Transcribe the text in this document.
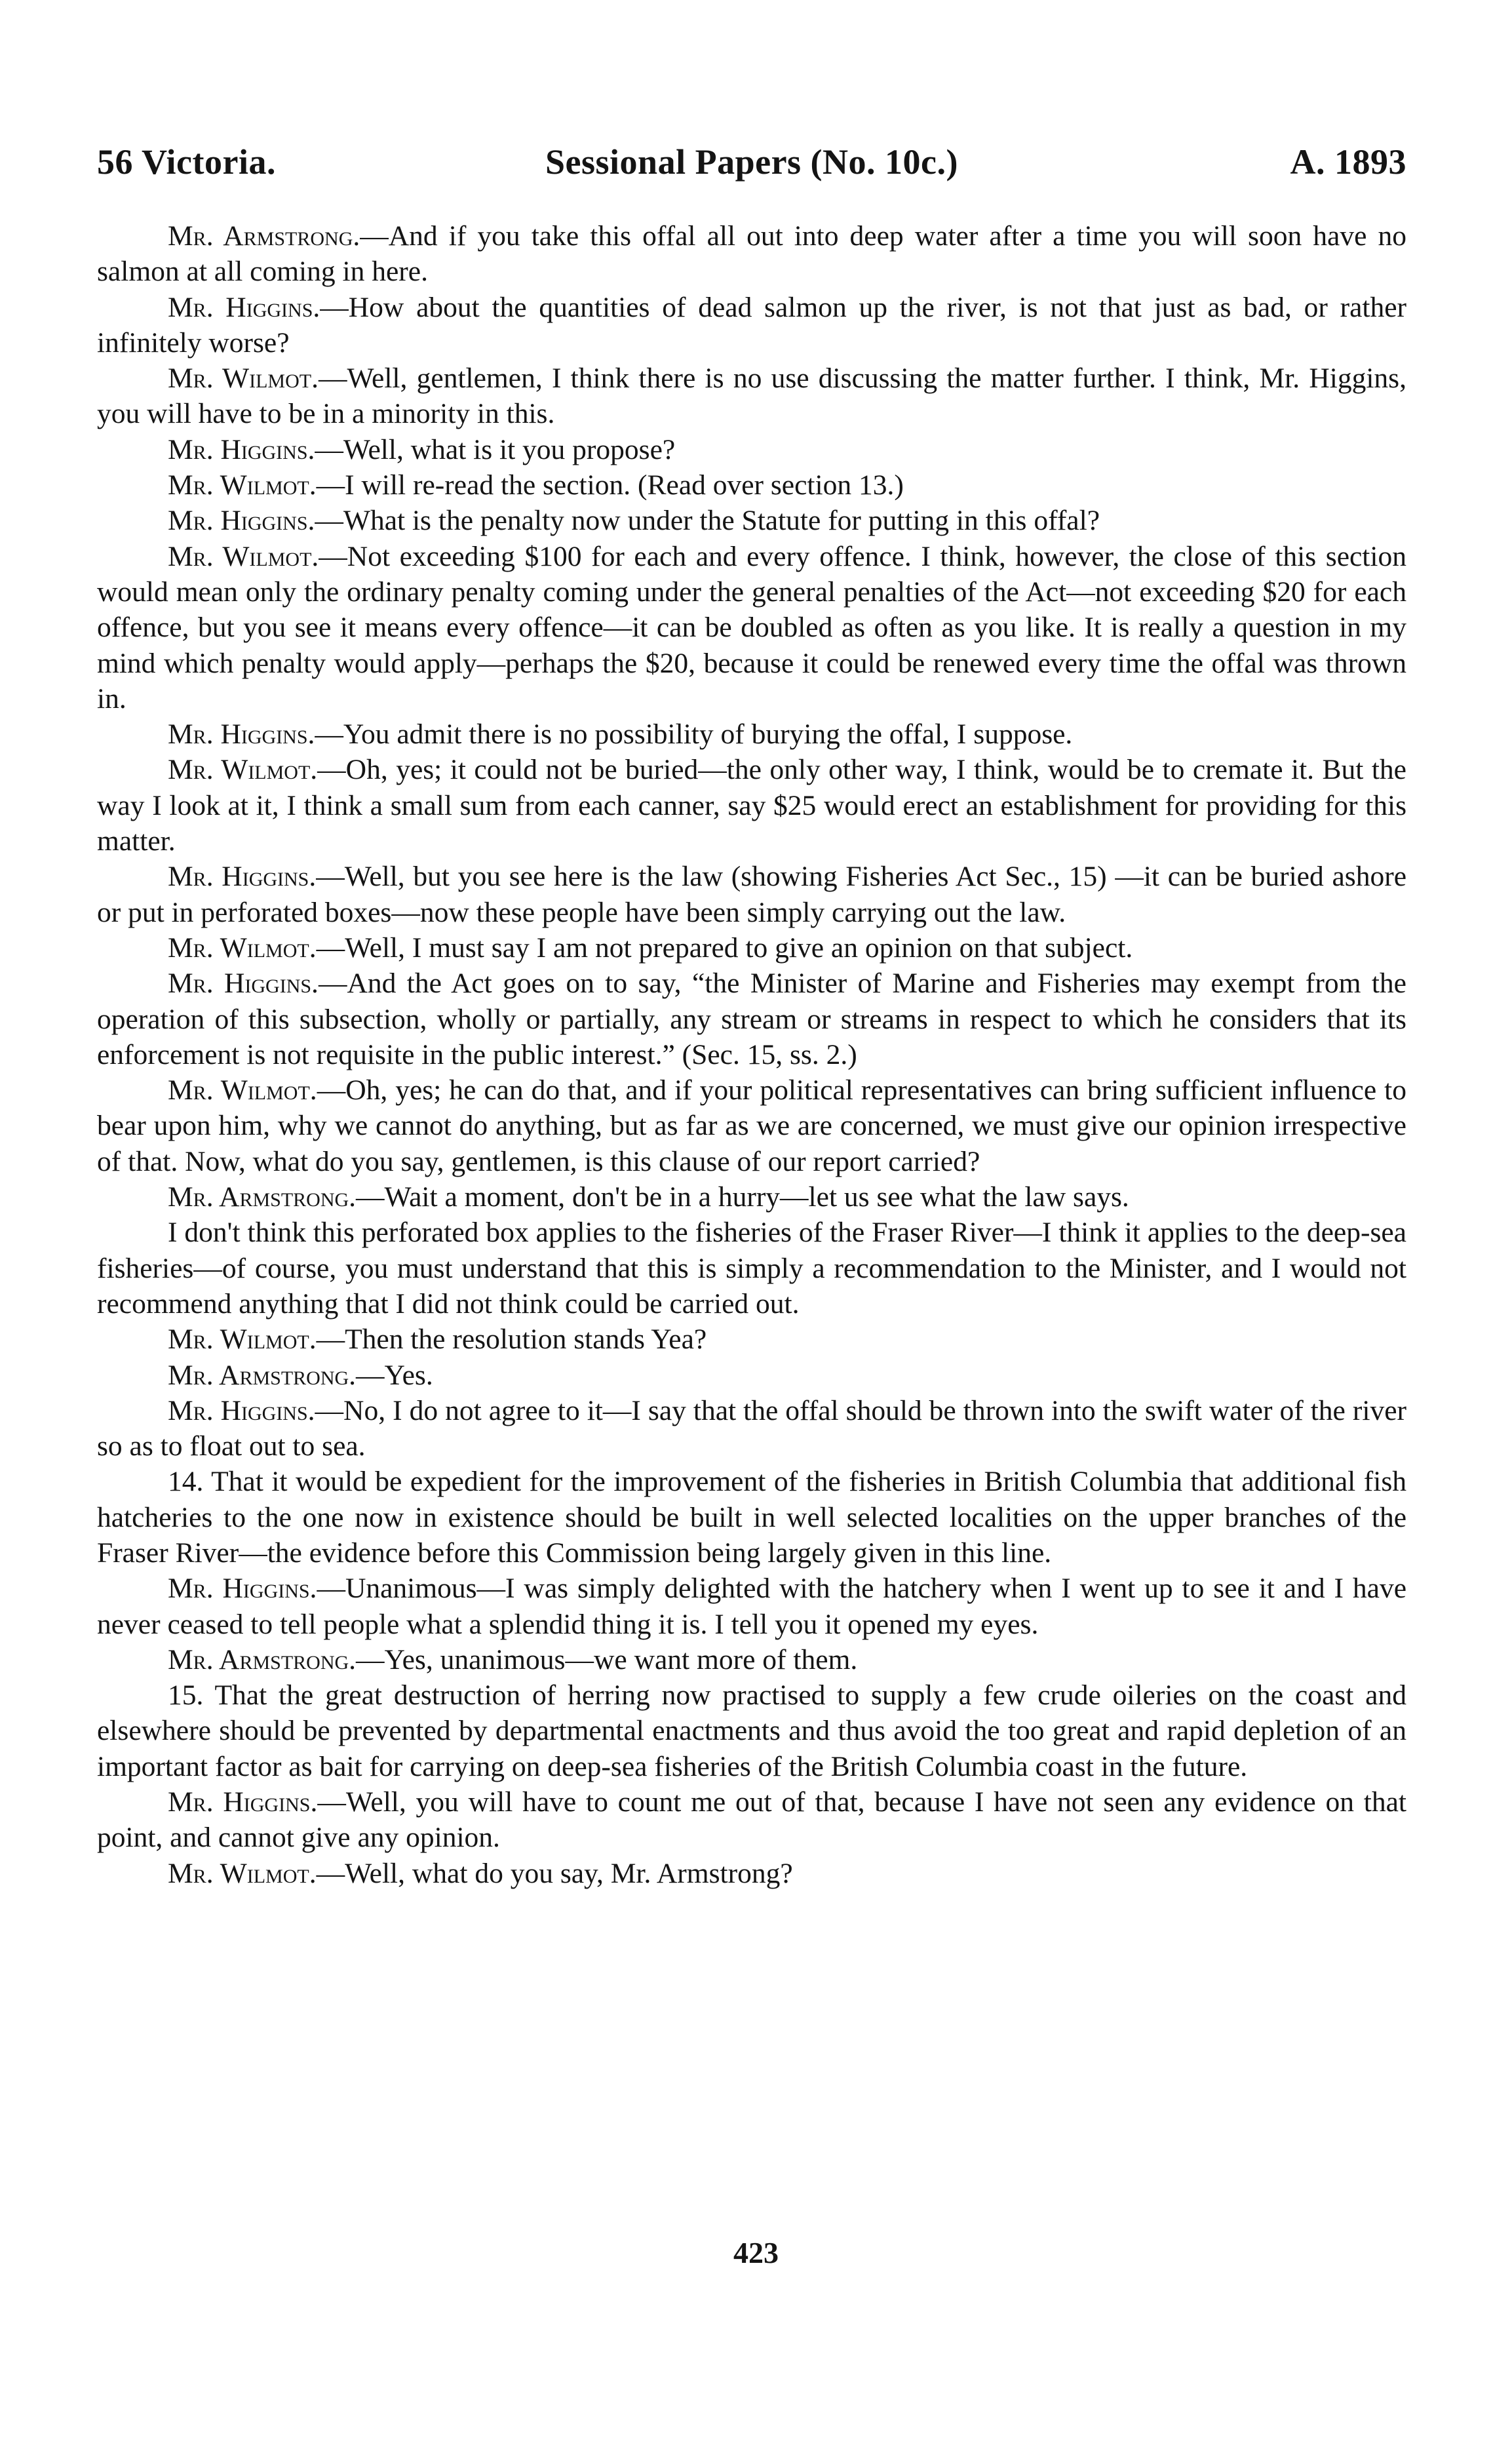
56 Victoria.	Sessional Papers (No. 10c.)	A. 1893

Mr. Armstrong.—And if you take this offal all out into deep water after a time you will soon have no salmon at all coming in here.

Mr. Higgins.—How about the quantities of dead salmon up the river, is not that just as bad, or rather infinitely worse?

Mr. Wilmot.—Well, gentlemen, I think there is no use discussing the matter further. I think, Mr. Higgins, you will have to be in a minority in this.

Mr. Higgins.—Well, what is it you propose?

Mr. Wilmot.—I will re-read the section. (Read over section 13.)

Mr. Higgins.—What is the penalty now under the Statute for putting in this offal?

Mr. Wilmot.—Not exceeding $100 for each and every offence. I think, however, the close of this section would mean only the ordinary penalty coming under the general penalties of the Act—not exceeding $20 for each offence, but you see it means every offence—it can be doubled as often as you like. It is really a question in my mind which penalty would apply—perhaps the $20, because it could be renewed every time the offal was thrown in.

Mr. Higgins.—You admit there is no possibility of burying the offal, I suppose.

Mr. Wilmot.—Oh, yes; it could not be buried—the only other way, I think, would be to cremate it. But the way I look at it, I think a small sum from each canner, say $25 would erect an establishment for providing for this matter.

Mr. Higgins.—Well, but you see here is the law (showing Fisheries Act Sec., 15) —it can be buried ashore or put in perforated boxes—now these people have been simply carrying out the law.

Mr. Wilmot.—Well, I must say I am not prepared to give an opinion on that subject.

Mr. Higgins.—And the Act goes on to say, “the Minister of Marine and Fisheries may exempt from the operation of this subsection, wholly or partially, any stream or streams in respect to which he considers that its enforcement is not requisite in the public interest.” (Sec. 15, ss. 2.)

Mr. Wilmot.—Oh, yes; he can do that, and if your political representatives can bring sufficient influence to bear upon him, why we cannot do anything, but as far as we are concerned, we must give our opinion irrespective of that. Now, what do you say, gentlemen, is this clause of our report carried?

Mr. Armstrong.—Wait a moment, don't be in a hurry—let us see what the law says.

I don't think this perforated box applies to the fisheries of the Fraser River—I think it applies to the deep-sea fisheries—of course, you must understand that this is simply a recommendation to the Minister, and I would not recommend anything that I did not think could be carried out.

Mr. Wilmot.—Then the resolution stands Yea?

Mr. Armstrong.—Yes.

Mr. Higgins.—No, I do not agree to it—I say that the offal should be thrown into the swift water of the river so as to float out to sea.

14. That it would be expedient for the improvement of the fisheries in British Columbia that additional fish hatcheries to the one now in existence should be built in well selected localities on the upper branches of the Fraser River—the evidence before this Commission being largely given in this line.

Mr. Higgins.—Unanimous—I was simply delighted with the hatchery when I went up to see it and I have never ceased to tell people what a splendid thing it is. I tell you it opened my eyes.

Mr. Armstrong.—Yes, unanimous—we want more of them.

15. That the great destruction of herring now practised to supply a few crude oileries on the coast and elsewhere should be prevented by departmental enactments and thus avoid the too great and rapid depletion of an important factor as bait for carrying on deep-sea fisheries of the British Columbia coast in the future.

Mr. Higgins.—Well, you will have to count me out of that, because I have not seen any evidence on that point, and cannot give any opinion.

Mr. Wilmot.—Well, what do you say, Mr. Armstrong?

423
